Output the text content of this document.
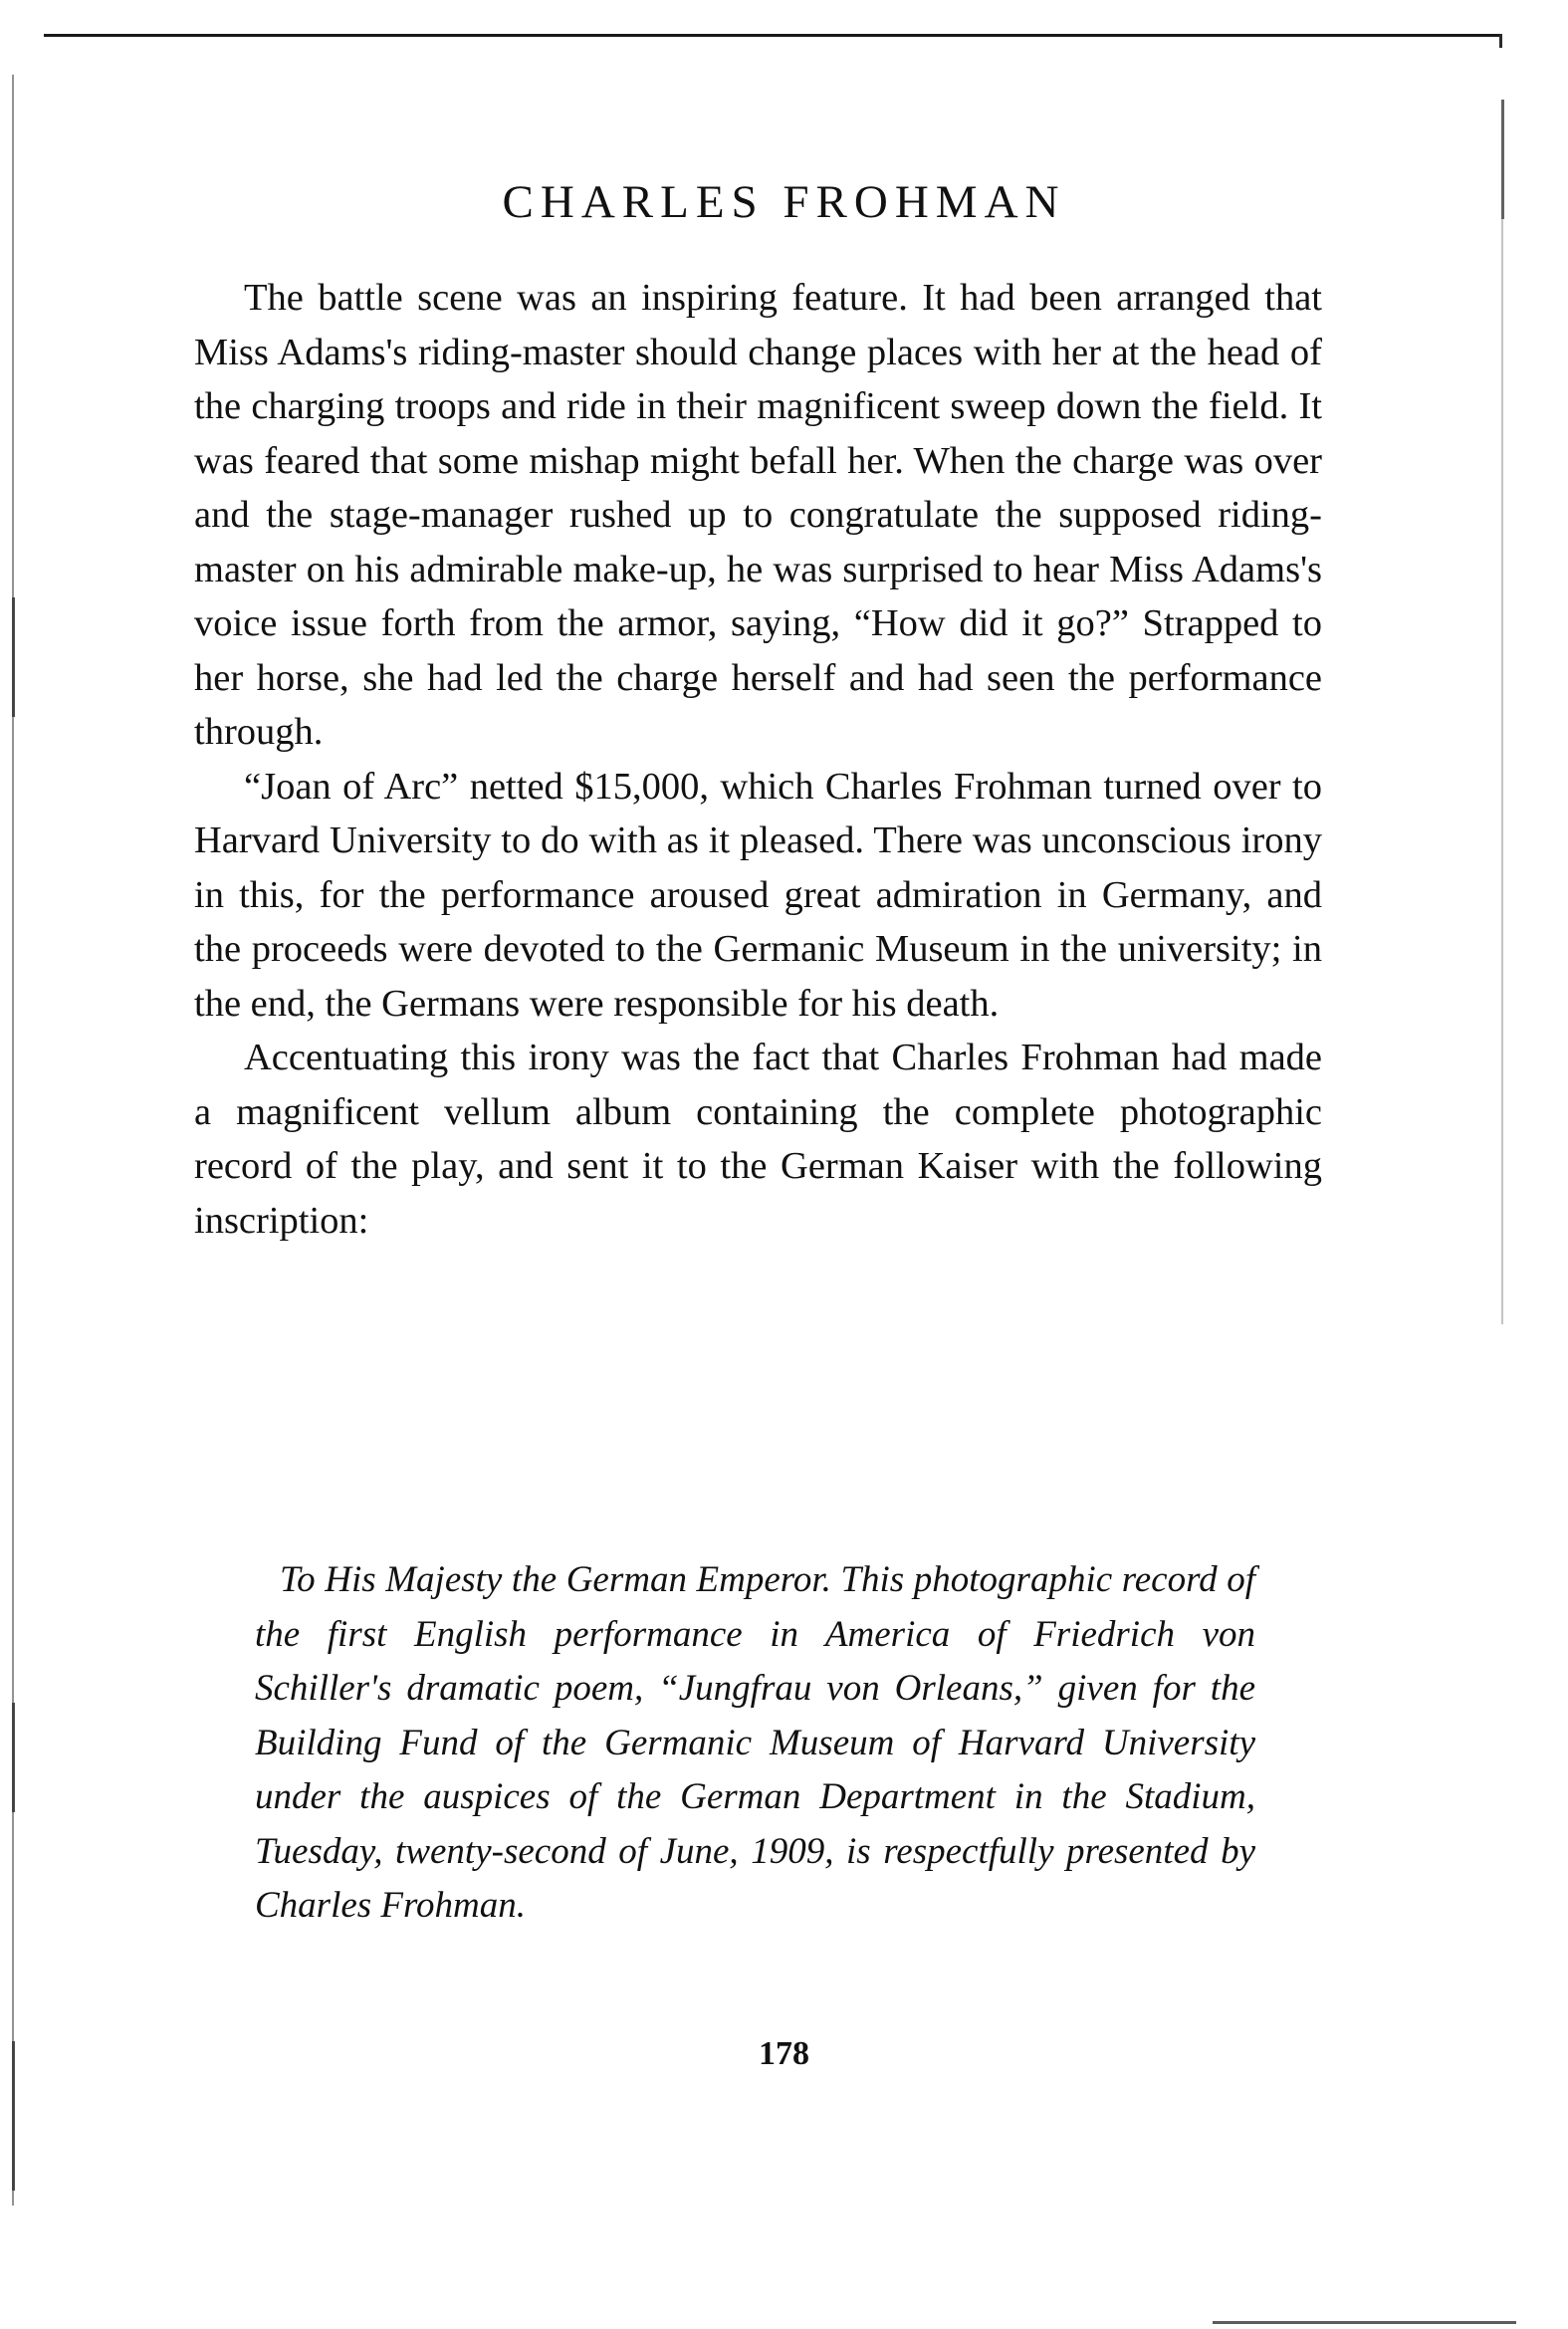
CHARLES FROHMAN

The battle scene was an inspiring feature. It had been arranged that Miss Adams's riding-master should change places with her at the head of the charging troops and ride in their magnificent sweep down the field. It was feared that some mishap might befall her. When the charge was over and the stage-manager rushed up to congratulate the supposed riding-master on his admirable make-up, he was surprised to hear Miss Adams's voice issue forth from the armor, saying, “How did it go?” Strapped to her horse, she had led the charge herself and had seen the performance through.

“Joan of Arc” netted $15,000, which Charles Frohman turned over to Harvard University to do with as it pleased. There was unconscious irony in this, for the performance aroused great admiration in Germany, and the proceeds were devoted to the Germanic Museum in the university; in the end, the Germans were responsible for his death.

Accentuating this irony was the fact that Charles Frohman had made a magnificent vellum album containing the complete photographic record of the play, and sent it to the German Kaiser with the following inscription:

To His Majesty the German Emperor. This photographic record of the first English performance in America of Friedrich von Schiller's dramatic poem, “Jungfrau von Orleans,” given for the Building Fund of the Germanic Museum of Harvard University under the auspices of the German Department in the Stadium, Tuesday, twenty-second of June, 1909, is respectfully presented by Charles Frohman.

178
